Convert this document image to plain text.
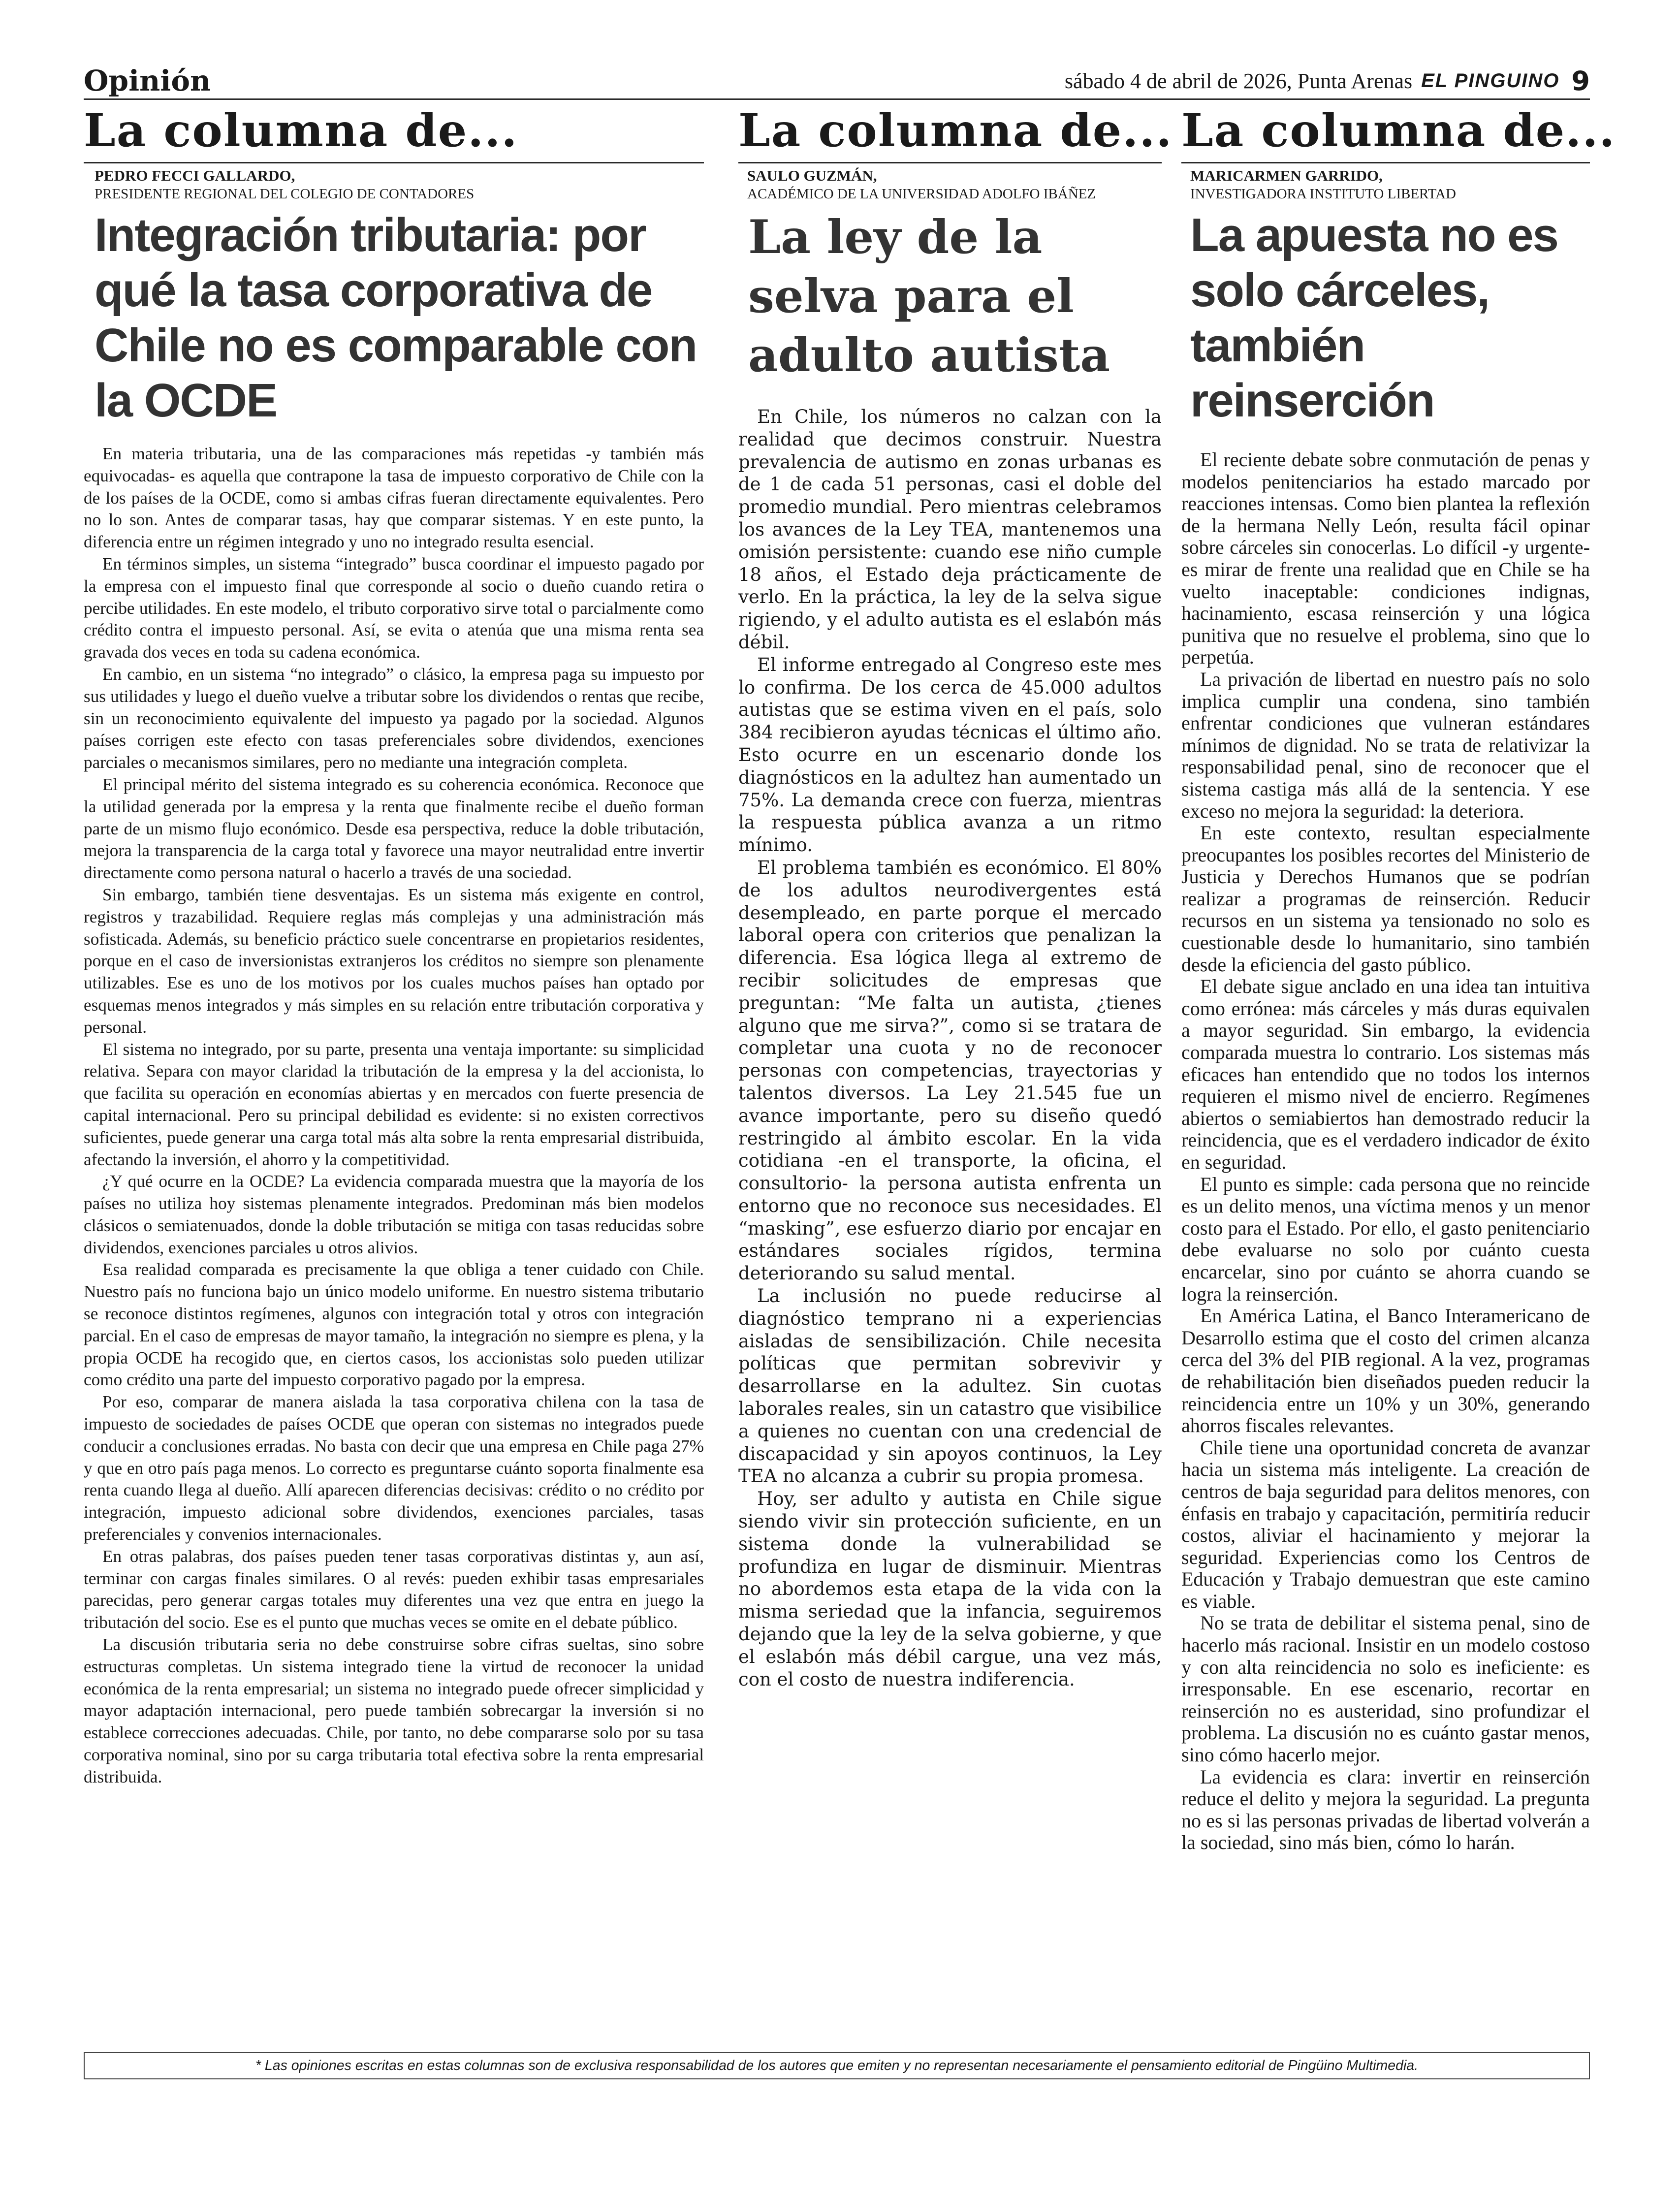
Opinión	sábado 4 de abril de 2026, Punta Arenas EL PINGUINO 9
La columna de...
PEDRO FECCI GALLARDO,
PRESIDENTE REGIONAL DEL COLEGIO DE CONTADORES
Integración tributaria: por qué la tasa corporativa de Chile no es comparable con la OCDE

En materia tributaria, una de las comparaciones más repetidas -y también más equivocadas- es aquella que contrapone la tasa de impuesto corporativo de Chile con la de los países de la OCDE, como si ambas cifras fueran directamente equivalentes. Pero no lo son. Antes de comparar tasas, hay que comparar sistemas. Y en este punto, la diferencia entre un régimen integrado y uno no integrado resulta esencial.

En términos simples, un sistema “integrado” busca coordinar el impuesto pagado por la empresa con el impuesto final que corresponde al socio o dueño cuando retira o percibe utilidades. En este modelo, el tributo corporativo sirve total o parcialmente como crédito contra el impuesto personal. Así, se evita o atenúa que una misma renta sea gravada dos veces en toda su cadena económica.

En cambio, en un sistema “no integrado” o clásico, la empresa paga su impuesto por sus utilidades y luego el dueño vuelve a tributar sobre los dividendos o rentas que recibe, sin un reconocimiento equivalente del impuesto ya pagado por la sociedad. Algunos países corrigen este efecto con tasas preferenciales sobre dividendos, exenciones parciales o mecanismos similares, pero no mediante una integración completa.

El principal mérito del sistema integrado es su coherencia económica. Reconoce que la utilidad generada por la empresa y la renta que finalmente recibe el dueño forman parte de un mismo flujo económico. Desde esa perspectiva, reduce la doble tributación, mejora la transparencia de la carga total y favorece una mayor neutralidad entre invertir directamente como persona natural o hacerlo a través de una sociedad.

Sin embargo, también tiene desventajas. Es un sistema más exigente en control, registros y trazabilidad. Requiere reglas más complejas y una administración más sofisticada. Además, su beneficio práctico suele concentrarse en propietarios residentes, porque en el caso de inversionistas extranjeros los créditos no siempre son plenamente utilizables. Ese es uno de los motivos por los cuales muchos países han optado por esquemas menos integrados y más simples en su relación entre tributación corporativa y personal.

El sistema no integrado, por su parte, presenta una ventaja importante: su simplicidad relativa. Separa con mayor claridad la tributación de la empresa y la del accionista, lo que facilita su operación en economías abiertas y en mercados con fuerte presencia de capital internacional. Pero su principal debilidad es evidente: si no existen correctivos suficientes, puede generar una carga total más alta sobre la renta empresarial distribuida, afectando la inversión, el ahorro y la competitividad.

¿Y qué ocurre en la OCDE? La evidencia comparada muestra que la mayoría de los países no utiliza hoy sistemas plenamente integrados. Predominan más bien modelos clásicos o semiatenuados, donde la doble tributación se mitiga con tasas reducidas sobre dividendos, exenciones parciales u otros alivios.

Esa realidad comparada es precisamente la que obliga a tener cuidado con Chile. Nuestro país no funciona bajo un único modelo uniforme. En nuestro sistema tributario se reconoce distintos regímenes, algunos con integración total y otros con integración parcial. En el caso de empresas de mayor tamaño, la integración no siempre es plena, y la propia OCDE ha recogido que, en ciertos casos, los accionistas solo pueden utilizar como crédito una parte del impuesto corporativo pagado por la empresa.

Por eso, comparar de manera aislada la tasa corporativa chilena con la tasa de impuesto de sociedades de países OCDE que operan con sistemas no integrados puede conducir a conclusiones erradas. No basta con decir que una empresa en Chile paga 27% y que en otro país paga menos. Lo correcto es preguntarse cuánto soporta finalmente esa renta cuando llega al dueño. Allí aparecen diferencias decisivas: crédito o no crédito por integración, impuesto adicional sobre dividendos, exenciones parciales, tasas preferenciales y convenios internacionales.

En otras palabras, dos países pueden tener tasas corporativas distintas y, aun así, terminar con cargas finales similares. O al revés: pueden exhibir tasas empresariales parecidas, pero generar cargas totales muy diferentes una vez que entra en juego la tributación del socio. Ese es el punto que muchas veces se omite en el debate público.

La discusión tributaria seria no debe construirse sobre cifras sueltas, sino sobre estructuras completas. Un sistema integrado tiene la virtud de reconocer la unidad económica de la renta empresarial; un sistema no integrado puede ofrecer simplicidad y mayor adaptación internacional, pero puede también sobrecargar la inversión si no establece correcciones adecuadas. Chile, por tanto, no debe compararse solo por su tasa corporativa nominal, sino por su carga tributaria total efectiva sobre la renta empresarial distribuida.

La columna de...
SAULO GUZMÁN,
ACADÉMICO DE LA UNIVERSIDAD ADOLFO IBÁÑEZ
La ley de la selva para el adulto autista

En Chile, los números no calzan con la realidad que decimos construir. Nuestra prevalencia de autismo en zonas urbanas es de 1 de cada 51 personas, casi el doble del promedio mundial. Pero mientras celebramos los avances de la Ley TEA, mantenemos una omisión persistente: cuando ese niño cumple 18 años, el Estado deja prácticamente de verlo. En la práctica, la ley de la selva sigue rigiendo, y el adulto autista es el eslabón más débil.

El informe entregado al Congreso este mes lo confirma. De los cerca de 45.000 adultos autistas que se estima viven en el país, solo 384 recibieron ayudas técnicas el último año. Esto ocurre en un escenario donde los diagnósticos en la adultez han aumentado un 75%. La demanda crece con fuerza, mientras la respuesta pública avanza a un ritmo mínimo.

El problema también es económico. El 80% de los adultos neurodivergentes está desempleado, en parte porque el mercado laboral opera con criterios que penalizan la diferencia. Esa lógica llega al extremo de recibir solicitudes de empresas que preguntan: “Me falta un autista, ¿tienes alguno que me sirva?”, como si se tratara de completar una cuota y no de reconocer personas con competencias, trayectorias y talentos diversos. La Ley 21.545 fue un avance importante, pero su diseño quedó restringido al ámbito escolar. En la vida cotidiana -en el transporte, la oficina, el consultorio- la persona autista enfrenta un entorno que no reconoce sus necesidades. El “masking”, ese esfuerzo diario por encajar en estándares sociales rígidos, termina deteriorando su salud mental.

La inclusión no puede reducirse al diagnóstico temprano ni a experiencias aisladas de sensibilización. Chile necesita políticas que permitan sobrevivir y desarrollarse en la adultez. Sin cuotas laborales reales, sin un catastro que visibilice a quienes no cuentan con una credencial de discapacidad y sin apoyos continuos, la Ley TEA no alcanza a cubrir su propia promesa.

Hoy, ser adulto y autista en Chile sigue siendo vivir sin protección suficiente, en un sistema donde la vulnerabilidad se profundiza en lugar de disminuir. Mientras no abordemos esta etapa de la vida con la misma seriedad que la infancia, seguiremos dejando que la ley de la selva gobierne, y que el eslabón más débil cargue, una vez más, con el costo de nuestra indiferencia.

La columna de...
MARICARMEN GARRIDO,
INVESTIGADORA INSTITUTO LIBERTAD
La apuesta no es solo cárceles, también reinserción

El reciente debate sobre conmutación de penas y modelos penitenciarios ha estado marcado por reacciones intensas. Como bien plantea la reflexión de la hermana Nelly León, resulta fácil opinar sobre cárceles sin conocerlas. Lo difícil -y urgente- es mirar de frente una realidad que en Chile se ha vuelto inaceptable: condiciones indignas, hacinamiento, escasa reinserción y una lógica punitiva que no resuelve el problema, sino que lo perpetúa.

La privación de libertad en nuestro país no solo implica cumplir una condena, sino también enfrentar condiciones que vulneran estándares mínimos de dignidad. No se trata de relativizar la responsabilidad penal, sino de reconocer que el sistema castiga más allá de la sentencia. Y ese exceso no mejora la seguridad: la deteriora.

En este contexto, resultan especialmente preocupantes los posibles recortes del Ministerio de Justicia y Derechos Humanos que se podrían realizar a programas de reinserción. Reducir recursos en un sistema ya tensionado no solo es cuestionable desde lo humanitario, sino también desde la eficiencia del gasto público.

El debate sigue anclado en una idea tan intuitiva como errónea: más cárceles y más duras equivalen a mayor seguridad. Sin embargo, la evidencia comparada muestra lo contrario. Los sistemas más eficaces han entendido que no todos los internos requieren el mismo nivel de encierro. Regímenes abiertos o semiabiertos han demostrado reducir la reincidencia, que es el verdadero indicador de éxito en seguridad.

El punto es simple: cada persona que no reincide es un delito menos, una víctima menos y un menor costo para el Estado. Por ello, el gasto penitenciario debe evaluarse no solo por cuánto cuesta encarcelar, sino por cuánto se ahorra cuando se logra la reinserción.

En América Latina, el Banco Interamericano de Desarrollo estima que el costo del crimen alcanza cerca del 3% del PIB regional. A la vez, programas de rehabilitación bien diseñados pueden reducir la reincidencia entre un 10% y un 30%, generando ahorros fiscales relevantes.

Chile tiene una oportunidad concreta de avanzar hacia un sistema más inteligente. La creación de centros de baja seguridad para delitos menores, con énfasis en trabajo y capacitación, permitiría reducir costos, aliviar el hacinamiento y mejorar la seguridad. Experiencias como los Centros de Educación y Trabajo demuestran que este camino es viable.

No se trata de debilitar el sistema penal, sino de hacerlo más racional. Insistir en un modelo costoso y con alta reincidencia no solo es ineficiente: es irresponsable. En ese escenario, recortar en reinserción no es austeridad, sino profundizar el problema. La discusión no es cuánto gastar menos, sino cómo hacerlo mejor.

La evidencia es clara: invertir en reinserción reduce el delito y mejora la seguridad. La pregunta no es si las personas privadas de libertad volverán a la sociedad, sino más bien, cómo lo harán.

* Las opiniones escritas en estas columnas son de exclusiva responsabilidad de los autores que emiten y no representan necesariamente el pensamiento editorial de Pingüino Multimedia.
